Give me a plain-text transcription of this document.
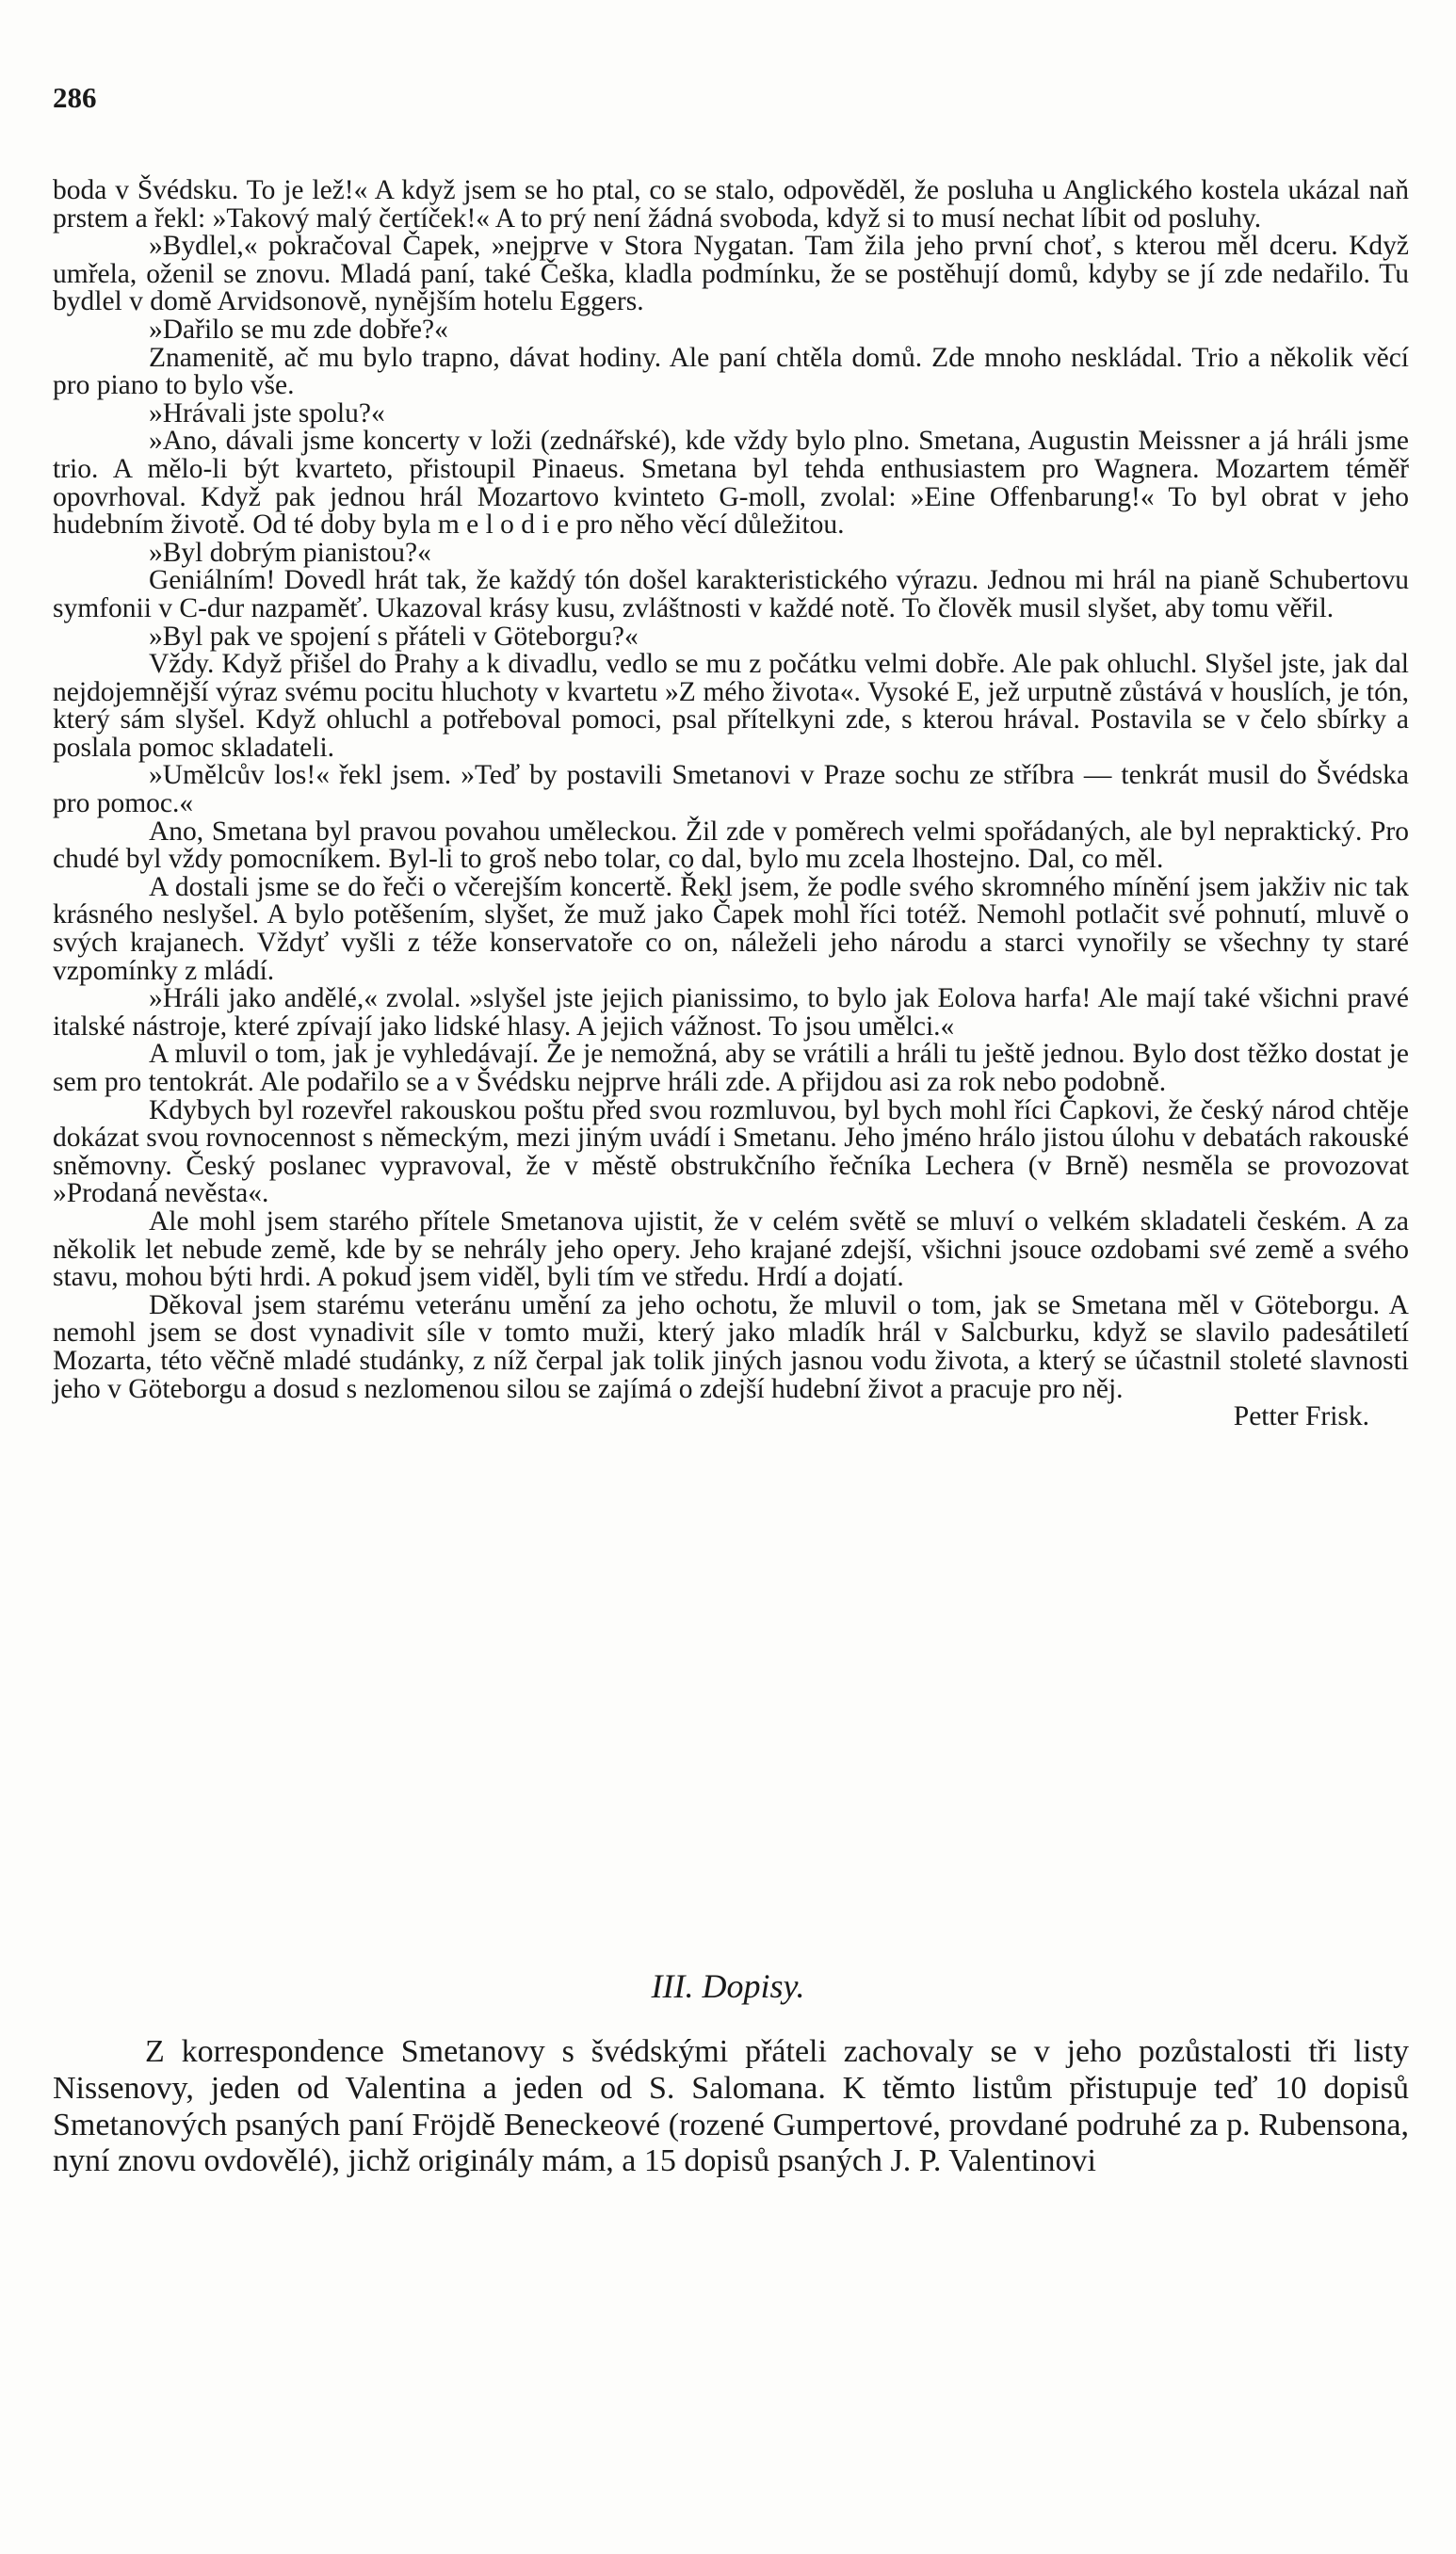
286

boda v Švédsku. To je lež!« A když jsem se ho ptal, co se stalo, odpověděl, že posluha u Anglického kostela ukázal naň prstem a řekl: »Takový malý čertíček!« A to prý není žádná svoboda, když si to musí nechat líbit od posluhy.

»Bydlel,« pokračoval Čapek, »nejprve v Stora Nygatan. Tam žila jeho první choť, s kterou měl dceru. Když umřela, oženil se znovu. Mladá paní, také Češka, kladla podmínku, že se postěhují domů, kdyby se jí zde nedařilo. Tu bydlel v domě Arvidsonově, nynějším hotelu Eggers.

»Dařilo se mu zde dobře?«

Znamenitě, ač mu bylo trapno, dávat hodiny. Ale paní chtěla domů. Zde mnoho neskládal. Trio a několik věcí pro piano to bylo vše.

»Hrávali jste spolu?«

»Ano, dávali jsme koncerty v loži (zednářské), kde vždy bylo plno. Smetana, Augustin Meissner a já hráli jsme trio. A mělo-li být kvarteto, přistoupil Pinaeus. Smetana byl tehda enthusiastem pro Wagnera. Mozartem téměř opovrhoval. Když pak jednou hrál Mozartovo kvinteto G-moll, zvolal: »Eine Offenbarung!« To byl obrat v jeho hudebním životě. Od té doby byla m e l o d i e pro něho věcí důležitou.

»Byl dobrým pianistou?«

Geniálním! Dovedl hrát tak, že každý tón došel karakteristického výrazu. Jednou mi hrál na pianě Schubertovu symfonii v C-dur nazpaměť. Ukazoval krásy kusu, zvláštnosti v každé notě. To člověk musil slyšet, aby tomu věřil.

»Byl pak ve spojení s přáteli v Göteborgu?«

Vždy. Když přišel do Prahy a k divadlu, vedlo se mu z počátku velmi dobře. Ale pak ohluchl. Slyšel jste, jak dal nejdojemnější výraz svému pocitu hluchoty v kvartetu »Z mého života«. Vysoké E, jež urputně zůstává v houslích, je tón, který sám slyšel. Když ohluchl a potřeboval pomoci, psal přítelkyni zde, s kterou hrával. Postavila se v čelo sbírky a poslala pomoc skladateli.

»Umělcův los!« řekl jsem. »Teď by postavili Smetanovi v Praze sochu ze stříbra — tenkrát musil do Švédska pro pomoc.«

Ano, Smetana byl pravou povahou uměleckou. Žil zde v poměrech velmi spořádaných, ale byl nepraktický. Pro chudé byl vždy pomocníkem. Byl-li to groš nebo tolar, co dal, bylo mu zcela lhostejno. Dal, co měl.

A dostali jsme se do řeči o včerejším koncertě. Řekl jsem, že podle svého skromného mínění jsem jakživ nic tak krásného neslyšel. A bylo potěšením, slyšet, že muž jako Čapek mohl říci totéž. Nemohl potlačit své pohnutí, mluvě o svých krajanech. Vždyť vyšli z téže konservatoře co on, náleželi jeho národu a starci vynořily se všechny ty staré vzpomínky z mládí.

»Hráli jako andělé,« zvolal. »slyšel jste jejich pianissimo, to bylo jak Eolova harfa! Ale mají také všichni pravé italské nástroje, které zpívají jako lidské hlasy. A jejich vážnost. To jsou umělci.«

A mluvil o tom, jak je vyhledávají. Že je nemožná, aby se vrátili a hráli tu ještě jednou. Bylo dost těžko dostat je sem pro tentokrát. Ale podařilo se a v Švédsku nejprve hráli zde. A přijdou asi za rok nebo podobně.

Kdybych byl rozevřel rakouskou poštu před svou rozmluvou, byl bych mohl říci Čapkovi, že český národ chtěje dokázat svou rovnocennost s německým, mezi jiným uvádí i Smetanu. Jeho jméno hrálo jistou úlohu v debatách rakouské sněmovny. Český poslanec vypravoval, že v městě obstrukčního řečníka Lechera (v Brně) nesměla se provozovat »Prodaná nevěsta«.

Ale mohl jsem starého přítele Smetanova ujistit, že v celém světě se mluví o velkém skladateli českém. A za několik let nebude země, kde by se nehrály jeho opery. Jeho krajané zdejší, všichni jsouce ozdobami své země a svého stavu, mohou býti hrdi. A pokud jsem viděl, byli tím ve středu. Hrdí a dojatí.

Děkoval jsem starému veteránu umění za jeho ochotu, že mluvil o tom, jak se Smetana měl v Göteborgu. A nemohl jsem se dost vynadivit síle v tomto muži, který jako mladík hrál v Salcburku, když se slavilo padesátiletí Mozarta, této věčně mladé studánky, z níž čerpal jak tolik jiných jasnou vodu života, a který se účastnil stoleté slavnosti jeho v Göteborgu a dosud s nezlomenou silou se zajímá o zdejší hudební život a pracuje pro něj.

Petter Frisk.

III. Dopisy.

Z korrespondence Smetanovy s švédskými přáteli zachovaly se v jeho pozůstalosti tři listy Nissenovy, jeden od Valentina a jeden od S. Salomana. K těmto listům přistupuje teď 10 dopisů Smetanových psaných paní Fröjdě Beneckeové (rozené Gumpertové, provdané podruhé za p. Rubensona, nyní znovu ovdovělé), jichž originály mám, a 15 dopisů psaných J. P. Valentinovi
